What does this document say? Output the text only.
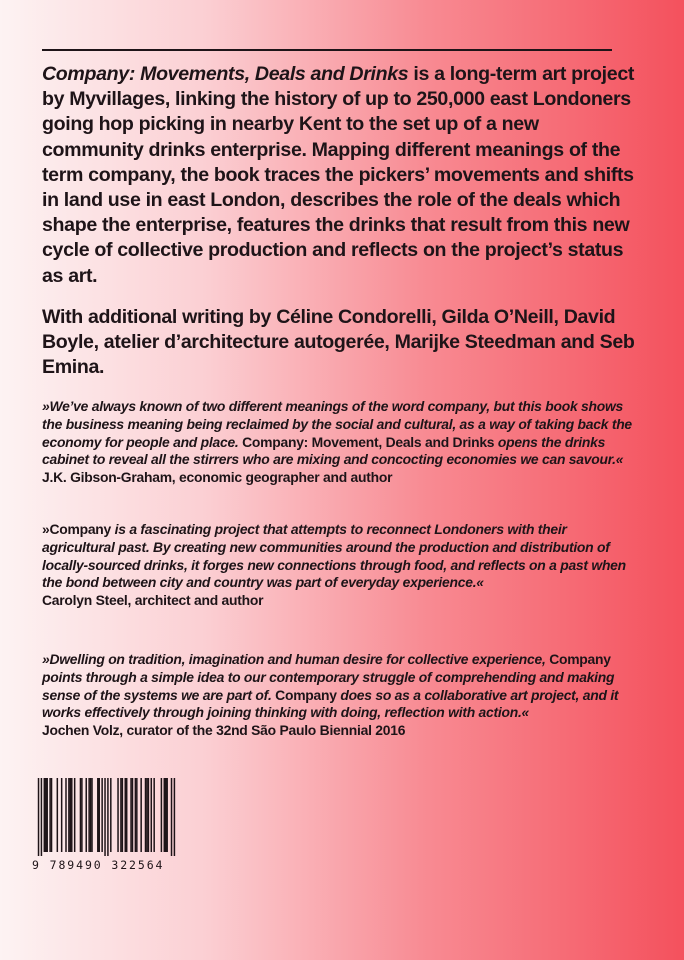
Company: Movements, Deals and Drinks is a long-term art project by Myvillages, linking the history of up to 250,000 east Londoners going hop picking in nearby Kent to the set up of a new community drinks enterprise. Mapping different meanings of the term company, the book traces the pickers’ movements and shifts in land use in east London, describes the role of the deals which shape the enterprise, features the drinks that result from this new cycle of collective production and reflects on the project’s status as art.

With additional writing by Céline Condorelli, Gilda O’Neill, David Boyle, atelier d’architecture autogerée, Marijke Steedman and Seb Emina.

»We’ve always known of two different meanings of the word company, but this book shows the business meaning being reclaimed by the social and cultural, as a way of taking back the economy for people and place. Company: Movement, Deals and Drinks opens the drinks cabinet to reveal all the stirrers who are mixing and concocting economies we can savour.«
J.K. Gibson-Graham, economic geographer and author

»Company is a fascinating project that attempts to reconnect Londoners with their agricultural past. By creating new communities around the production and distribution of locally-sourced drinks, it forges new connections through food, and reflects on a past when the bond between city and country was part of everyday experience.«
Carolyn Steel, architect and author

»Dwelling on tradition, imagination and human desire for collective experience, Company points through a simple idea to our contemporary struggle of comprehending and making sense of the systems we are part of. Company does so as a collaborative art project, and it works effectively through joining thinking with doing, reflection with action.«
Jochen Volz, curator of the 32nd São Paulo Biennial 2016

9 789490 322564
